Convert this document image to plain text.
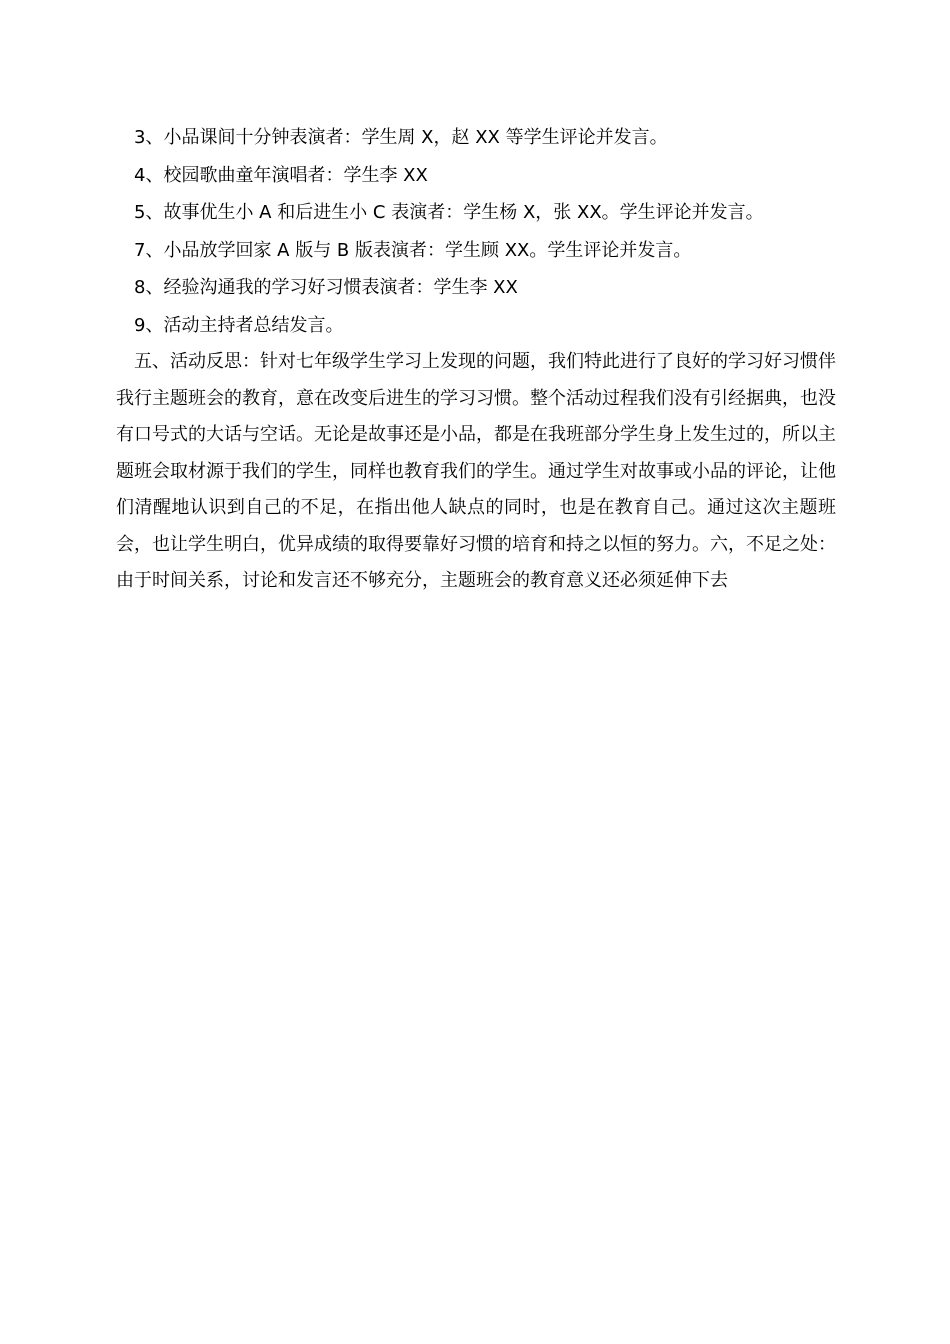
3、小品课间十分钟表演者：学生周 X，赵 XX 等学生评论并发言。

4、校园歌曲童年演唱者：学生李 XX

5、故事优生小 A 和后进生小 C 表演者：学生杨 X，张 XX。学生评论并发言。

7、小品放学回家 A 版与 B 版表演者：学生顾 XX。学生评论并发言。

8、经验沟通我的学习好习惯表演者：学生李 XX

9、活动主持者总结发言。

五、活动反思：针对七年级学生学习上发现的问题，我们特此进行了良好的学习好习惯伴我行主题班会的教育，意在改变后进生的学习习惯。整个活动过程我们没有引经据典，也没有口号式的大话与空话。无论是故事还是小品，都是在我班部分学生身上发生过的，所以主题班会取材源于我们的学生，同样也教育我们的学生。通过学生对故事或小品的评论，让他们清醒地认识到自己的不足，在指出他人缺点的同时，也是在教育自己。通过这次主题班会，也让学生明白，优异成绩的取得要靠好习惯的培育和持之以恒的努力。六，不足之处：由于时间关系，讨论和发言还不够充分，主题班会的教育意义还必须延伸下去
